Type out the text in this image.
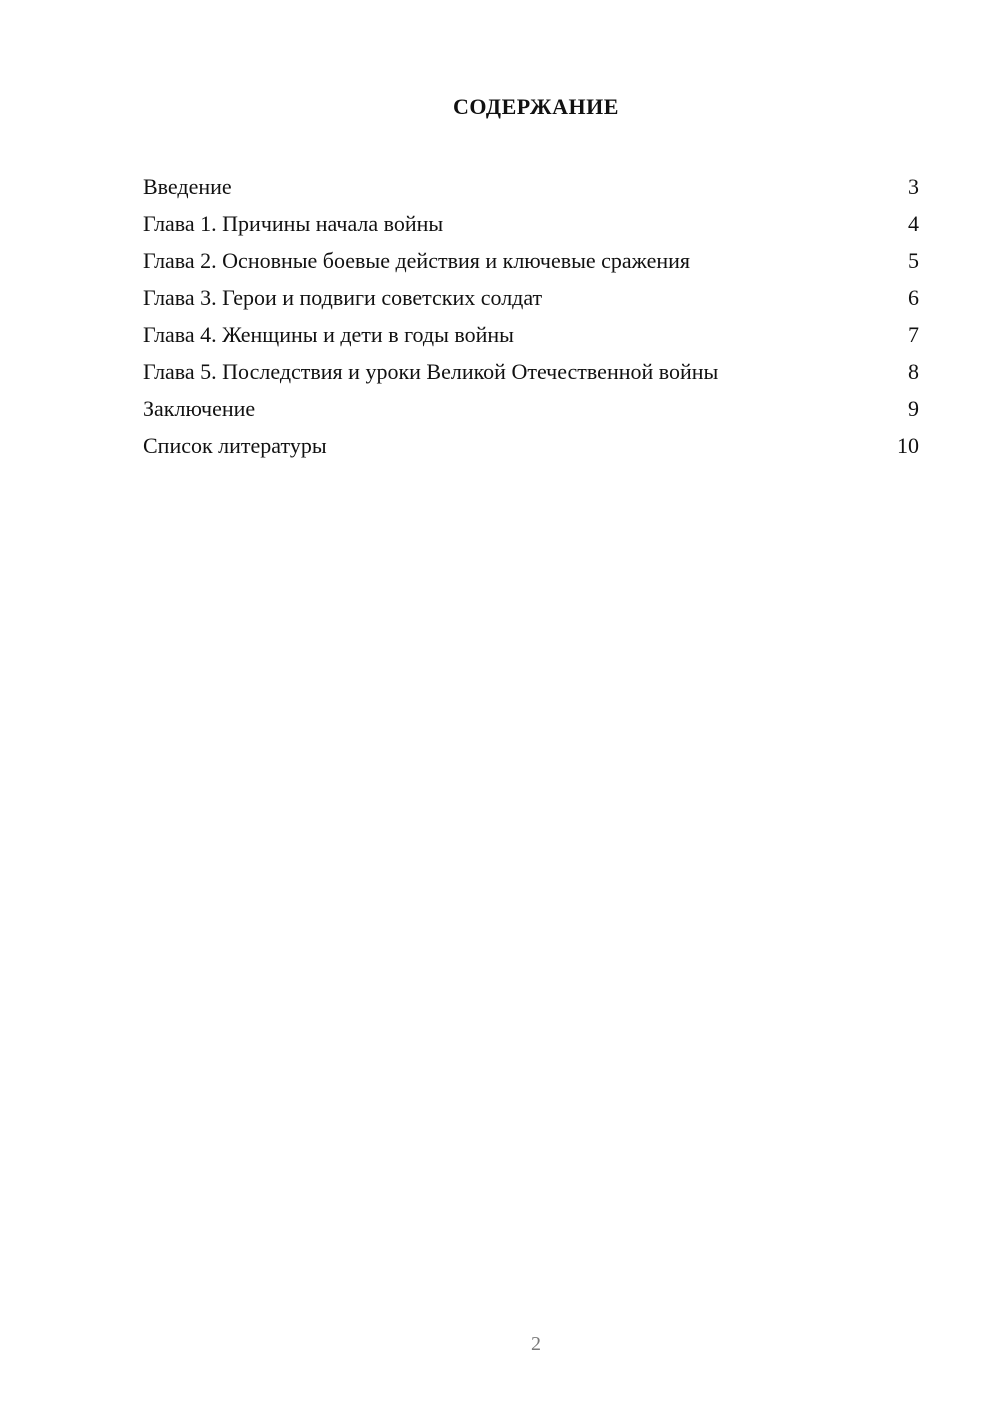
СОДЕРЖАНИЕ
Введение	3
Глава 1. Причины начала войны	4
Глава 2. Основные боевые действия и ключевые сражения	5
Глава 3. Герои и подвиги советских солдат	6
Глава 4. Женщины и дети в годы войны	7
Глава 5. Последствия и уроки Великой Отечественной войны	8
Заключение	9
Список литературы	10
2
